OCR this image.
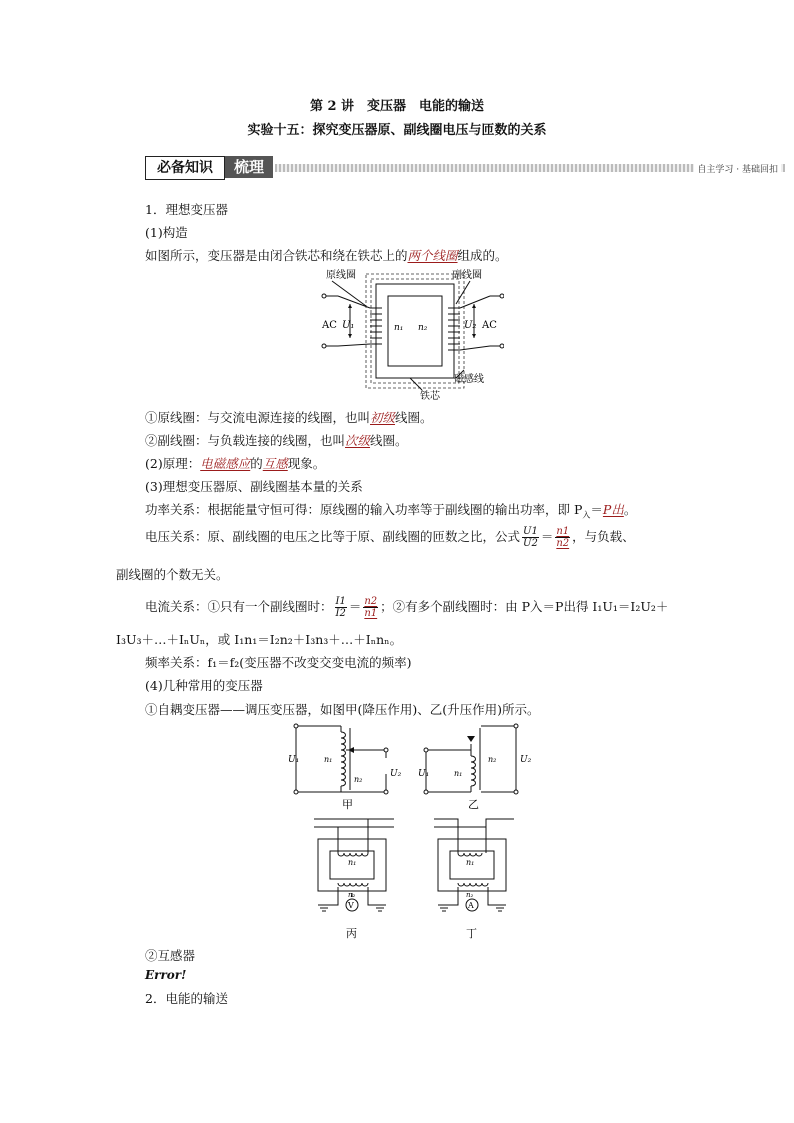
第 2 讲　变压器　电能的输送
实验十五：探究变压器原、副线圈电压与匝数的关系
必备知识	梳理	自主学习 · 基础回扣
1．理想变压器
(1)构造
如图所示，变压器是由闭合铁芯和绕在铁芯上的两个线圈组成的。
原线圈	副线圈
AC U₁	n₁ n₂	U₂ AC
磁感线
铁芯
①原线圈：与交流电源连接的线圈，也叫初级线圈。
②副线圈：与负载连接的线圈，也叫次级线圈。
(2)原理：电磁感应的互感现象。
(3)理想变压器原、副线圈基本量的关系
功率关系：根据能量守恒可得：原线圈的输入功率等于副线圈的输出功率，即 $P_入=P$出。
电压关系：原、副线圈的电压之比等于原、副线圈的匝数之比，公式 $\frac{U1}{U2} = \frac{n1}{n2}$ ，与负载、
副线圈的个数无关。
电流关系：①只有一个副线圈时： $\frac{I1}{I2} = \frac{n2}{n1}$ ；②有多个副线圈时：由 P入＝P出得 I₁U₁＝I₂U₂＋
I₃U₃＋…＋IₙUₙ，或 I₁n₁＝I₂n₂＋I₃n₃＋…＋Iₙnₙ。
频率关系：f₁＝f₂(变压器不改变交变电流的频率)
(4)几种常用的变压器
①自耦变压器——调压变压器，如图甲(降压作用)、乙(升压作用)所示。
U₁	n₁
n₂
U₂ U₁	n₁
n₂	U₂
甲	乙
n₁
n₂
V
n₁
n₂
A
丙	丁
②互感器
Error!
2．电能的输送
